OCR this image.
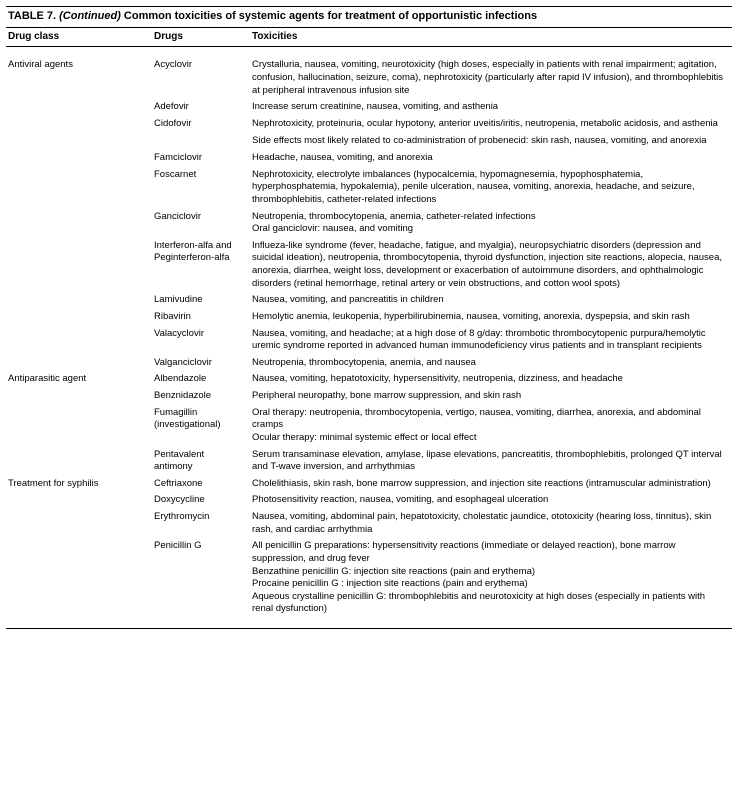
TABLE 7. (Continued) Common toxicities of systemic agents for treatment of opportunistic infections
Drug class	Drugs	Toxicities

Antiviral agents	Acyclovir	Crystalluria, nausea, vomiting, neurotoxicity (high doses, especially in patients with renal impairment; agitation, confusion, hallucination, seizure, coma), nephrotoxicity (particularly after rapid IV infusion), and thrombophlebitis at peripheral intravenous infusion site

	Adefovir	Increase serum creatinine, nausea, vomiting, and asthenia

	Cidofovir	Nephrotoxicity, proteinuria, ocular hypotony, anterior uveitis/iritis, neutropenia, metabolic acidosis, and asthenia
Side effects most likely related to co-administration of probenecid: skin rash, nausea, vomiting, and anorexia

	Famciclovir	Headache, nausea, vomiting, and anorexia

	Foscarnet	Nephrotoxicity, electrolyte imbalances (hypocalcemia, hypomagnesemia, hypophosphatemia, hyperphosphatemia, hypokalemia), penile ulceration, nausea, vomiting, anorexia, headache, and seizure, thrombophlebitis, catheter-related infections

	Ganciclovir	Neutropenia, thrombocytopenia, anemia, catheter-related infections
Oral ganciclovir: nausea, and vomiting

	Interferon-alfa and Peginterferon-alfa	Influeza-like syndrome (fever, headache, fatigue, and myalgia), neuropsychiatric disorders (depression and suicidal ideation), neutropenia, thrombocytopenia, thyroid dysfunction, injection site reactions, alopecia, nausea, anorexia, diarrhea, weight loss, development or exacerbation of autoimmune disorders, and ophthalmologic disorders (retinal hemorrhage, retinal artery or vein obstructions, and cotton wool spots)

	Lamivudine	Nausea, vomiting, and pancreatitis in children

	Ribavirin	Hemolytic anemia, leukopenia, hyperbilirubinemia, nausea, vomiting, anorexia, dyspepsia, and skin rash

	Valacyclovir	Nausea, vomiting, and headache; at a high dose of 8 g/day: thrombotic thrombocytopenic purpura/hemolytic uremic syndrome reported in advanced human immunodeficiency virus patients and in transplant recipients

	Valganciclovir	Neutropenia, thrombocytopenia, anemia, and nausea

Antiparasitic agent	Albendazole	Nausea, vomiting, hepatotoxicity, hypersensitivity, neutropenia, dizziness, and headache

	Benznidazole	Peripheral neuropathy, bone marrow suppression, and skin rash

	Fumagillin (investigational)	Oral therapy: neutropenia, thrombocytopenia, vertigo, nausea, vomiting, diarrhea, anorexia, and abdominal cramps
Ocular therapy: minimal systemic effect or local effect

	Pentavalent antimony	Serum transaminase elevation, amylase, lipase elevations, pancreatitis, thrombophlebitis, prolonged QT interval and T-wave inversion, and arrhythmias

Treatment for syphilis	Ceftriaxone	Cholelithiasis, skin rash, bone marrow suppression, and injection site reactions (intramuscular administration)

	Doxycycline	Photosensitivity reaction, nausea, vomiting, and esophageal ulceration

	Erythromycin	Nausea, vomiting, abdominal pain, hepatotoxicity, cholestatic jaundice, ototoxicity (hearing loss, tinnitus), skin rash, and cardiac arrhythmia

	Penicillin G	All penicillin G preparations: hypersensitivity reactions (immediate or delayed reaction), bone marrow suppression, and drug fever
Benzathine penicillin G: injection site reactions (pain and erythema)
Procaine penicillin G : injection site reactions (pain and erythema)
Aqueous crystalline penicillin G: thrombophlebitis and neurotoxicity at high doses (especially in patients with renal dysfunction)
